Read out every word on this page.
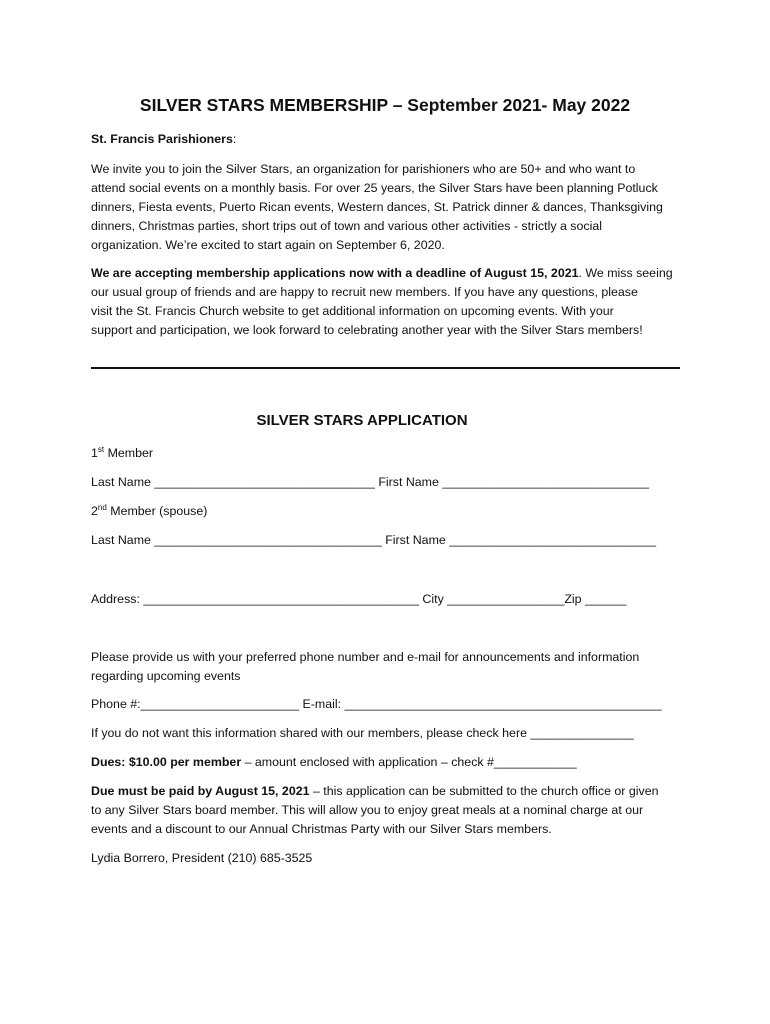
SILVER STARS MEMBERSHIP – September 2021- May 2022
St. Francis Parishioners:
We invite you to join the Silver Stars, an organization for parishioners who are 50+ and who want to
attend social events on a monthly basis. For over 25 years, the Silver Stars have been planning Potluck
dinners, Fiesta events, Puerto Rican events, Western dances, St. Patrick dinner & dances, Thanksgiving
dinners, Christmas parties, short trips out of town and various other activities - strictly a social
organization. We’re excited to start again on September 6, 2020.
We are accepting membership applications now with a deadline of August 15, 2021. We miss seeing
our usual group of friends and are happy to recruit new members. If you have any questions, please
visit the St. Francis Church website to get additional information on upcoming events. With your
support and participation, we look forward to celebrating another year with the Silver Stars members!
SILVER STARS APPLICATION
1st Member
Last Name ________________________________ First Name ______________________________
2nd Member (spouse)
Last Name _________________________________ First Name ______________________________
Address: ________________________________________ City _________________Zip ______
Please provide us with your preferred phone number and e-mail for announcements and information
regarding upcoming events
Phone #:_______________________ E-mail: ______________________________________________
If you do not want this information shared with our members, please check here _______________
Dues: $10.00 per member – amount enclosed with application – check #____________
Due must be paid by August 15, 2021 – this application can be submitted to the church office or given
to any Silver Stars board member. This will allow you to enjoy great meals at a nominal charge at our
events and a discount to our Annual Christmas Party with our Silver Stars members.
Lydia Borrero, President (210) 685-3525
